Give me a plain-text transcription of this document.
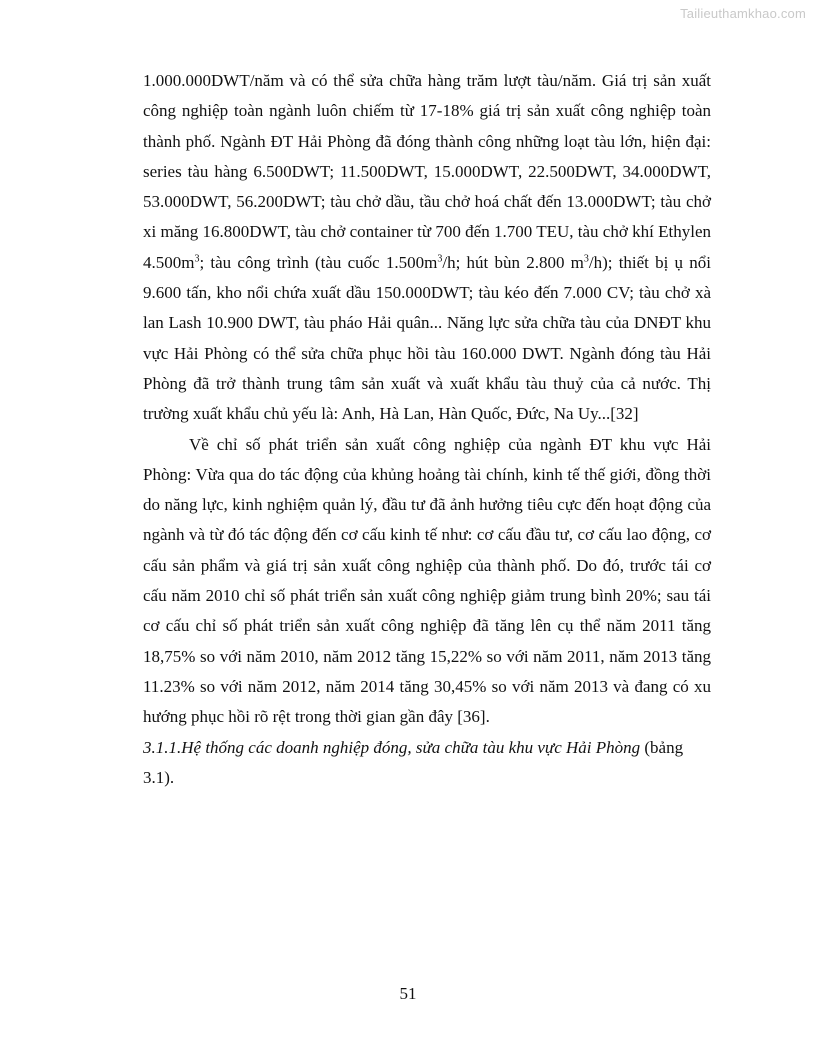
Tailieuthamkhao.com

1.000.000DWT/năm và có thể sửa chữa hàng trăm lượt tàu/năm. Giá trị sản xuất công nghiệp toàn ngành luôn chiếm từ 17-18% giá trị sản xuất công nghiệp toàn thành phố. Ngành ĐT Hải Phòng đã đóng thành công những loạt tàu lớn, hiện đại: series tàu hàng 6.500DWT; 11.500DWT, 15.000DWT, 22.500DWT, 34.000DWT, 53.000DWT, 56.200DWT; tàu chở dầu, tầu chở hoá chất đến 13.000DWT; tàu chở xi măng 16.800DWT, tàu chở container từ 700 đến 1.700 TEU, tàu chở khí Ethylen $4.500m^3$; tàu công trình (tàu cuốc $1.500m^3/h$; hút bùn 2.800 $m^3/h$); thiết bị ụ nổi 9.600 tấn, kho nổi chứa xuất dầu 150.000DWT; tàu kéo đến 7.000 CV; tàu chở xà lan Lash 10.900 DWT, tàu pháo Hải quân... Năng lực sửa chữa tàu của DNĐT khu vực Hải Phòng có thể sửa chữa phục hồi tàu 160.000 DWT. Ngành đóng tàu Hải Phòng đã trở thành trung tâm sản xuất và xuất khẩu tàu thuỷ của cả nước. Thị trường xuất khẩu chủ yếu là: Anh, Hà Lan, Hàn Quốc, Đức, Na Uy...[32]

Về chỉ số phát triển sản xuất công nghiệp của ngành ĐT khu vực Hải Phòng: Vừa qua do tác động của khủng hoảng tài chính, kinh tế thế giới, đồng thời do năng lực, kinh nghiệm quản lý, đầu tư đã ảnh hưởng tiêu cực đến hoạt động của ngành và từ đó tác động đến cơ cấu kinh tế như: cơ cấu đầu tư, cơ cấu lao động, cơ cấu sản phẩm và giá trị sản xuất công nghiệp của thành phố. Do đó, trước tái cơ cấu năm 2010 chỉ số phát triển sản xuất công nghiệp giảm trung bình 20%; sau tái cơ cấu chỉ số phát triển sản xuất công nghiệp đã tăng lên cụ thể năm 2011 tăng 18,75% so với năm 2010, năm 2012 tăng 15,22% so với năm 2011, năm 2013 tăng 11.23% so với năm 2012, năm 2014 tăng 30,45% so với năm 2013 và đang có xu hướng phục hồi rõ rệt trong thời gian gần đây [36].

3.1.1.Hệ thống các doanh nghiệp đóng, sửa chữa tàu khu vực Hải Phòng (bảng 3.1).

51
